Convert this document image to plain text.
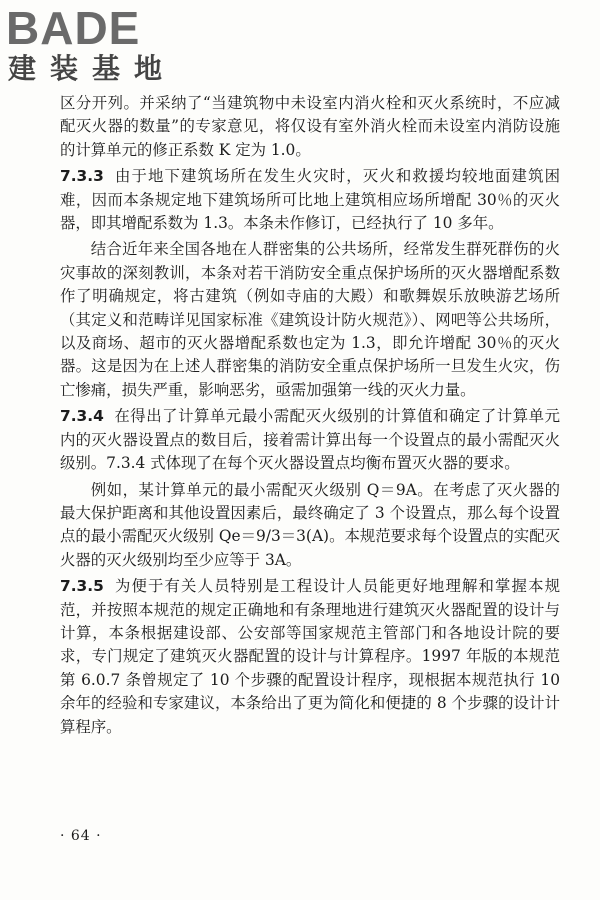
BADE
建装基地

区分开列。并采纳了“当建筑物中未设室内消火栓和灭火系统时，不应减配灭火器的数量”的专家意见，将仅设有室外消火栓而未设室内消防设施的计算单元的修正系数 K 定为 1.0。

7.3.3 由于地下建筑场所在发生火灾时，灭火和救援均较地面建筑困难，因而本条规定地下建筑场所可比地上建筑相应场所增配 30％的灭火器，即其增配系数为 1.3。本条未作修订，已经执行了 10 多年。

结合近年来全国各地在人群密集的公共场所，经常发生群死群伤的火灾事故的深刻教训，本条对若干消防安全重点保护场所的灭火器增配系数作了明确规定，将古建筑（例如寺庙的大殿）和歌舞娱乐放映游艺场所（其定义和范畴详见国家标准《建筑设计防火规范》）、网吧等公共场所，以及商场、超市的灭火器增配系数也定为 1.3，即允许增配 30％的灭火器。这是因为在上述人群密集的消防安全重点保护场所一旦发生火灾，伤亡惨痛，损失严重，影响恶劣，亟需加强第一线的灭火力量。

7.3.4 在得出了计算单元最小需配灭火级别的计算值和确定了计算单元内的灭火器设置点的数目后，接着需计算出每一个设置点的最小需配灭火级别。7.3.4 式体现了在每个灭火器设置点均衡布置灭火器的要求。

例如，某计算单元的最小需配灭火级别 Q＝9A。在考虑了灭火器的最大保护距离和其他设置因素后，最终确定了 3 个设置点，那么每个设置点的最小需配灭火级别 Qe＝9/3＝3(A)。本规范要求每个设置点的实配灭火器的灭火级别均至少应等于 3A。

7.3.5 为便于有关人员特别是工程设计人员能更好地理解和掌握本规范，并按照本规范的规定正确地和有条理地进行建筑灭火器配置的设计与计算，本条根据建设部、公安部等国家规范主管部门和各地设计院的要求，专门规定了建筑灭火器配置的设计与计算程序。1997 年版的本规范第 6.0.7 条曾规定了 10 个步骤的配置设计程序，现根据本规范执行 10 余年的经验和专家建议，本条给出了更为简化和便捷的 8 个步骤的设计计算程序。

· 64 ·
